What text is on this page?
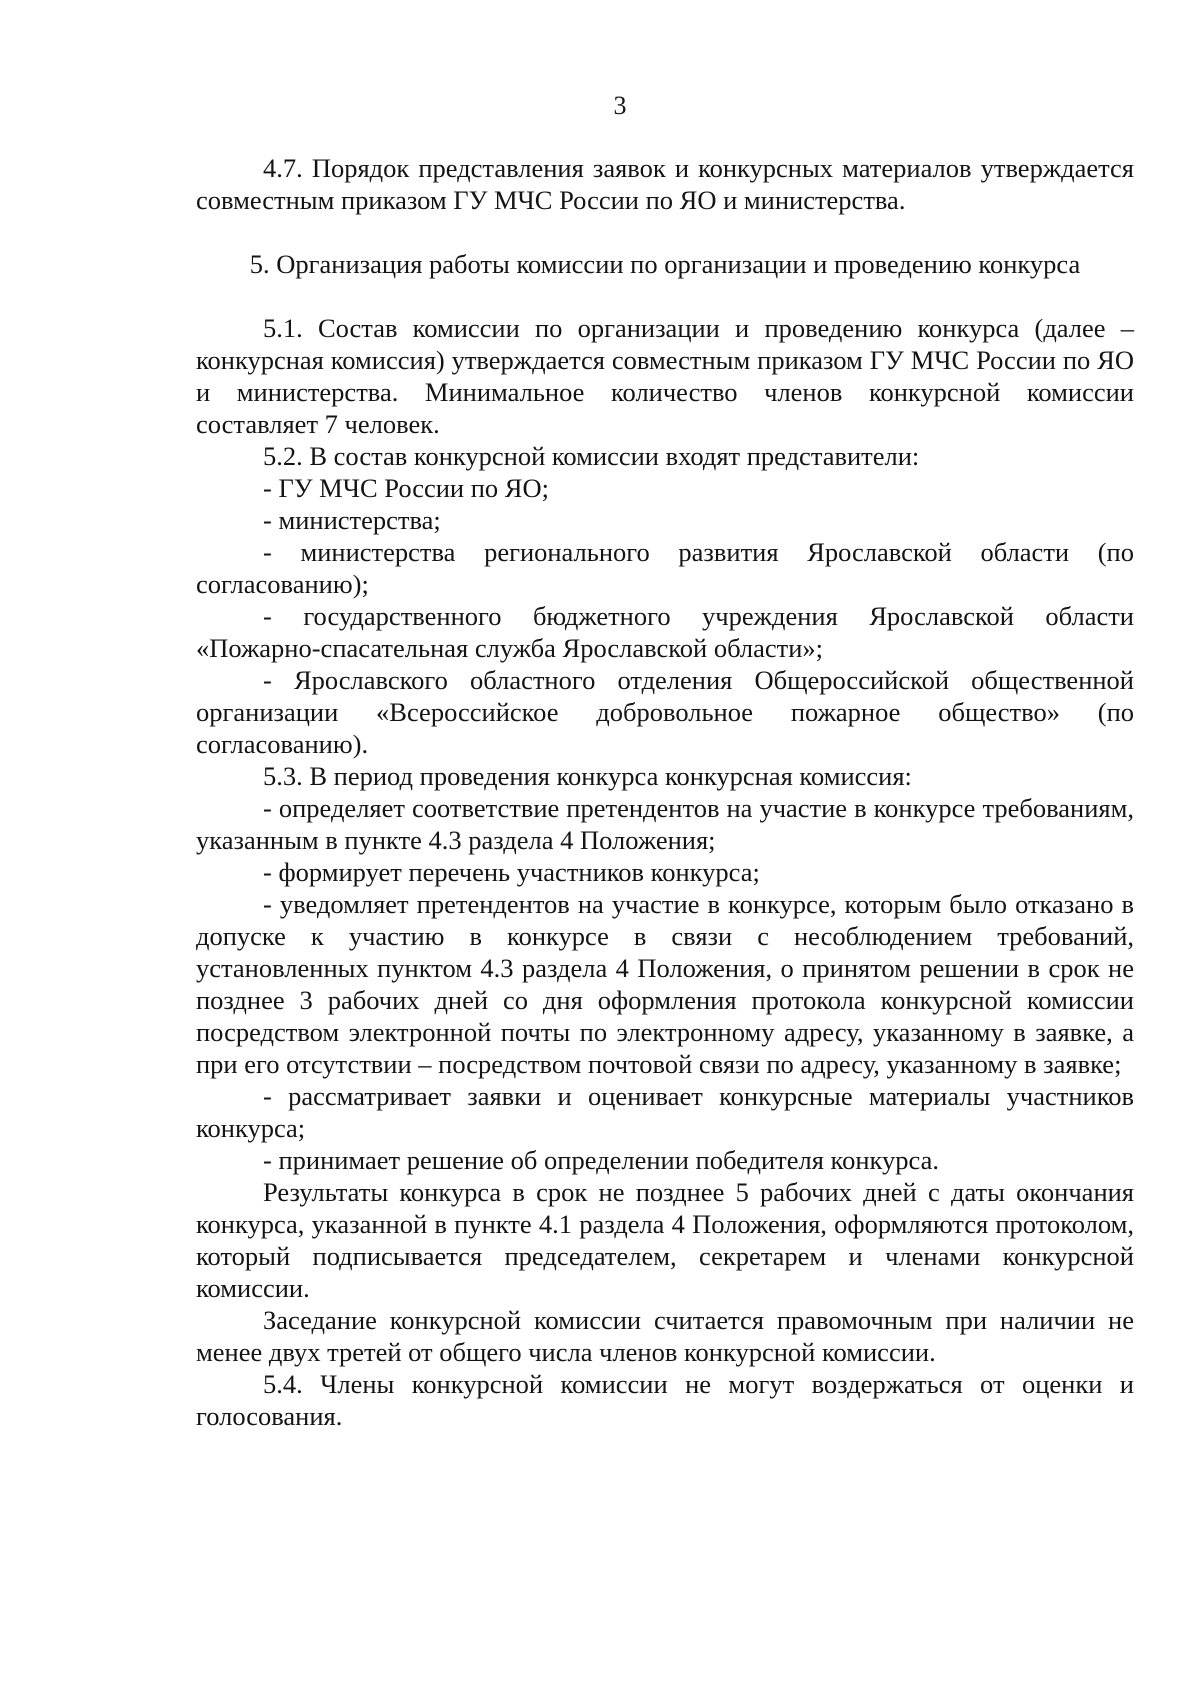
3

4.7. Порядок представления заявок и конкурсных материалов утверждается совместным приказом ГУ МЧС России по ЯО и министерства.

5. Организация работы комиссии по организации и проведению конкурса

5.1. Состав комиссии по организации и проведению конкурса (далее – конкурсная комиссия) утверждается совместным приказом ГУ МЧС России по ЯО и министерства. Минимальное количество членов конкурсной комиссии составляет 7 человек.

5.2. В состав конкурсной комиссии входят представители:

- ГУ МЧС России по ЯО;

- министерства;

- министерства регионального развития Ярославской области (по согласованию);

- государственного бюджетного учреждения Ярославской области «Пожарно-спасательная служба Ярославской области»;

- Ярославского областного отделения Общероссийской общественной организации «Всероссийское добровольное пожарное общество» (по согласованию).

5.3. В период проведения конкурса конкурсная комиссия:

- определяет соответствие претендентов на участие в конкурсе требованиям, указанным в пункте 4.3 раздела 4 Положения;

- формирует перечень участников конкурса;

- уведомляет претендентов на участие в конкурсе, которым было отказано в допуске к участию в конкурсе в связи с несоблюдением требований, установленных пунктом 4.3 раздела 4 Положения, о принятом решении в срок не позднее 3 рабочих дней со дня оформления протокола конкурсной комиссии посредством электронной почты по электронному адресу, указанному в заявке, а при его отсутствии – посредством почтовой связи по адресу, указанному в заявке;

- рассматривает заявки и оценивает конкурсные материалы участников конкурса;

- принимает решение об определении победителя конкурса.

Результаты конкурса в срок не позднее 5 рабочих дней с даты окончания конкурса, указанной в пункте 4.1 раздела 4 Положения, оформляются протоколом, который подписывается председателем, секретарем и членами конкурсной комиссии.

Заседание конкурсной комиссии считается правомочным при наличии не менее двух третей от общего числа членов конкурсной комиссии.

5.4. Члены конкурсной комиссии не могут воздержаться от оценки и голосования.
